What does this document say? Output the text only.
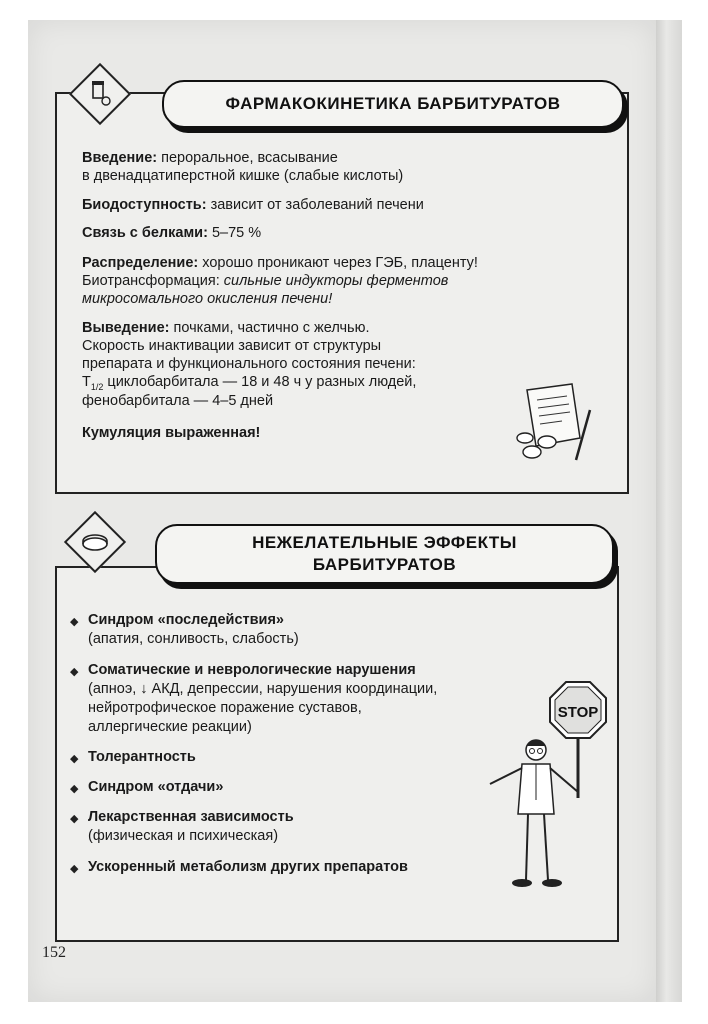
ФАРМАКОКИНЕТИКА БАРБИТУРАТОВ
Введение: пероральное, всасывание
в двенадцатиперстной кишке (слабые кислоты)
Биодоступность: зависит от заболеваний печени
Связь с белками: 5–75 %
Распределение: хорошо проникают через ГЭБ, плаценту!
Биотрансформация: сильные индукторы ферментов
микросомального окисления печени!
Выведение: почками, частично с желчью.
Скорость инактивации зависит от структуры
препарата и функционального состояния печени:
$T_{1/2}$ циклобарбитала — 18 и 48 ч у разных людей,
фенобарбитала — 4–5 дней
Кумуляция выраженная!
НЕЖЕЛАТЕЛЬНЫЕ ЭФФЕКТЫ
БАРБИТУРАТОВ
◆ Синдром «последействия»
(апатия, сонливость, слабость)
◆ Соматические и неврологические нарушения
(апноэ, ↓ АКД, депрессии, нарушения координации,
нейротрофическое поражение суставов,
аллергические реакции)
◆ Толерантность
◆ Синдром «отдачи»
◆ Лекарственная зависимость
(физическая и психическая)
◆ Ускоренный метаболизм других препаратов
STOP
152
